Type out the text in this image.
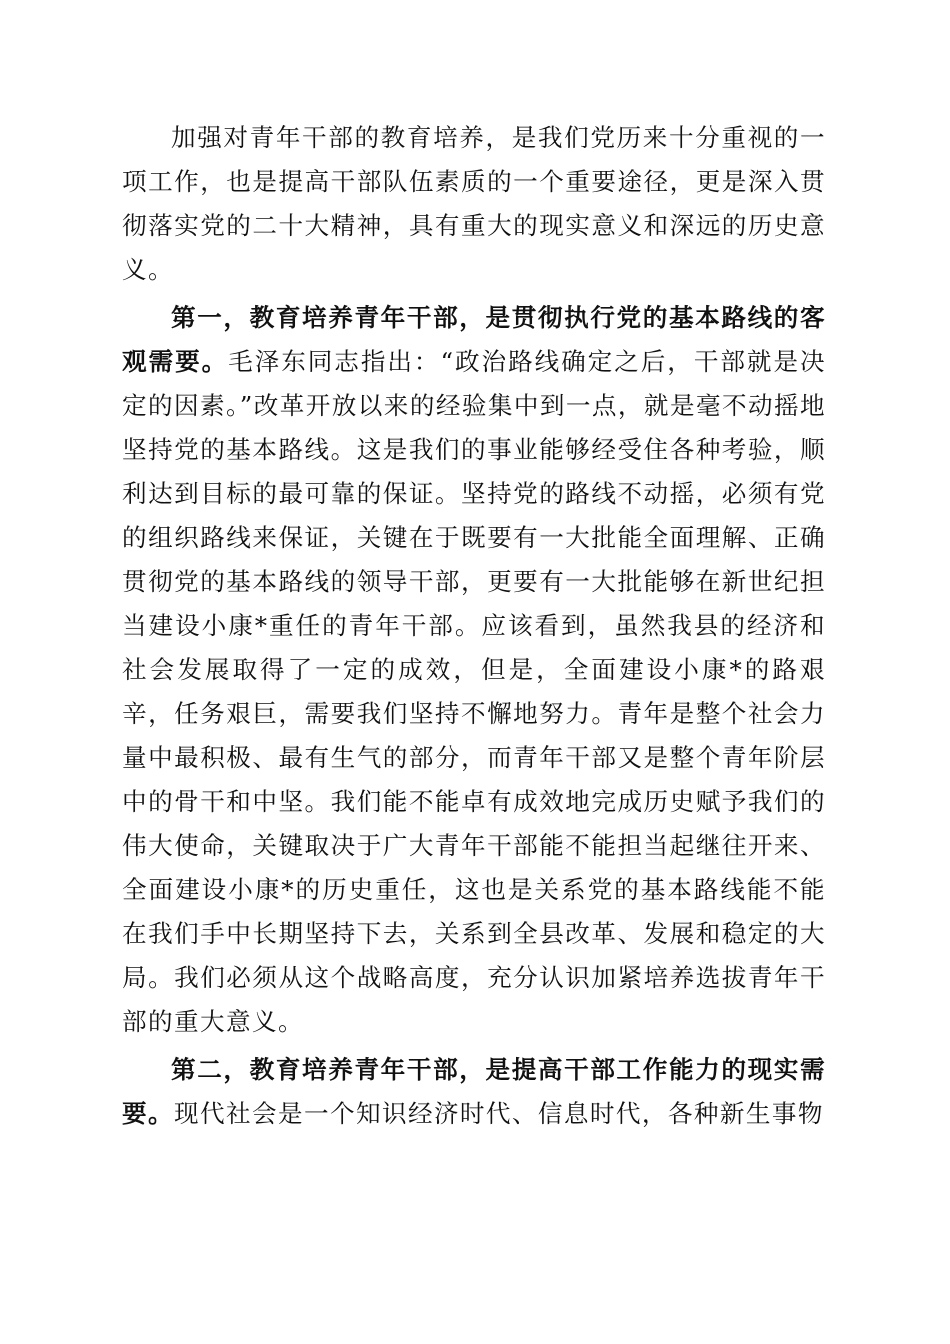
加强对青年干部的教育培养，是我们党历来十分重视的一项工作，也是提高干部队伍素质的一个重要途径，更是深入贯彻落实党的二十大精神，具有重大的现实意义和深远的历史意义。

第一，教育培养青年干部，是贯彻执行党的基本路线的客观需要。毛泽东同志指出：“政治路线确定之后，干部就是决定的因素。”改革开放以来的经验集中到一点，就是毫不动摇地坚持党的基本路线。这是我们的事业能够经受住各种考验，顺利达到目标的最可靠的保证。坚持党的路线不动摇，必须有党的组织路线来保证，关键在于既要有一大批能全面理解、正确贯彻党的基本路线的领导干部，更要有一大批能够在新世纪担当建设小康*重任的青年干部。应该看到，虽然我县的经济和社会发展取得了一定的成效，但是，全面建设小康*的路艰辛，任务艰巨，需要我们坚持不懈地努力。青年是整个社会力量中最积极、最有生气的部分，而青年干部又是整个青年阶层中的骨干和中坚。我们能不能卓有成效地完成历史赋予我们的伟大使命，关键取决于广大青年干部能不能担当起继往开来、全面建设小康*的历史重任，这也是关系党的基本路线能不能在我们手中长期坚持下去，关系到全县改革、发展和稳定的大局。我们必须从这个战略高度，充分认识加紧培养选拔青年干部的重大意义。

第二，教育培养青年干部，是提高干部工作能力的现实需要。现代社会是一个知识经济时代、信息时代，各种新生事物
